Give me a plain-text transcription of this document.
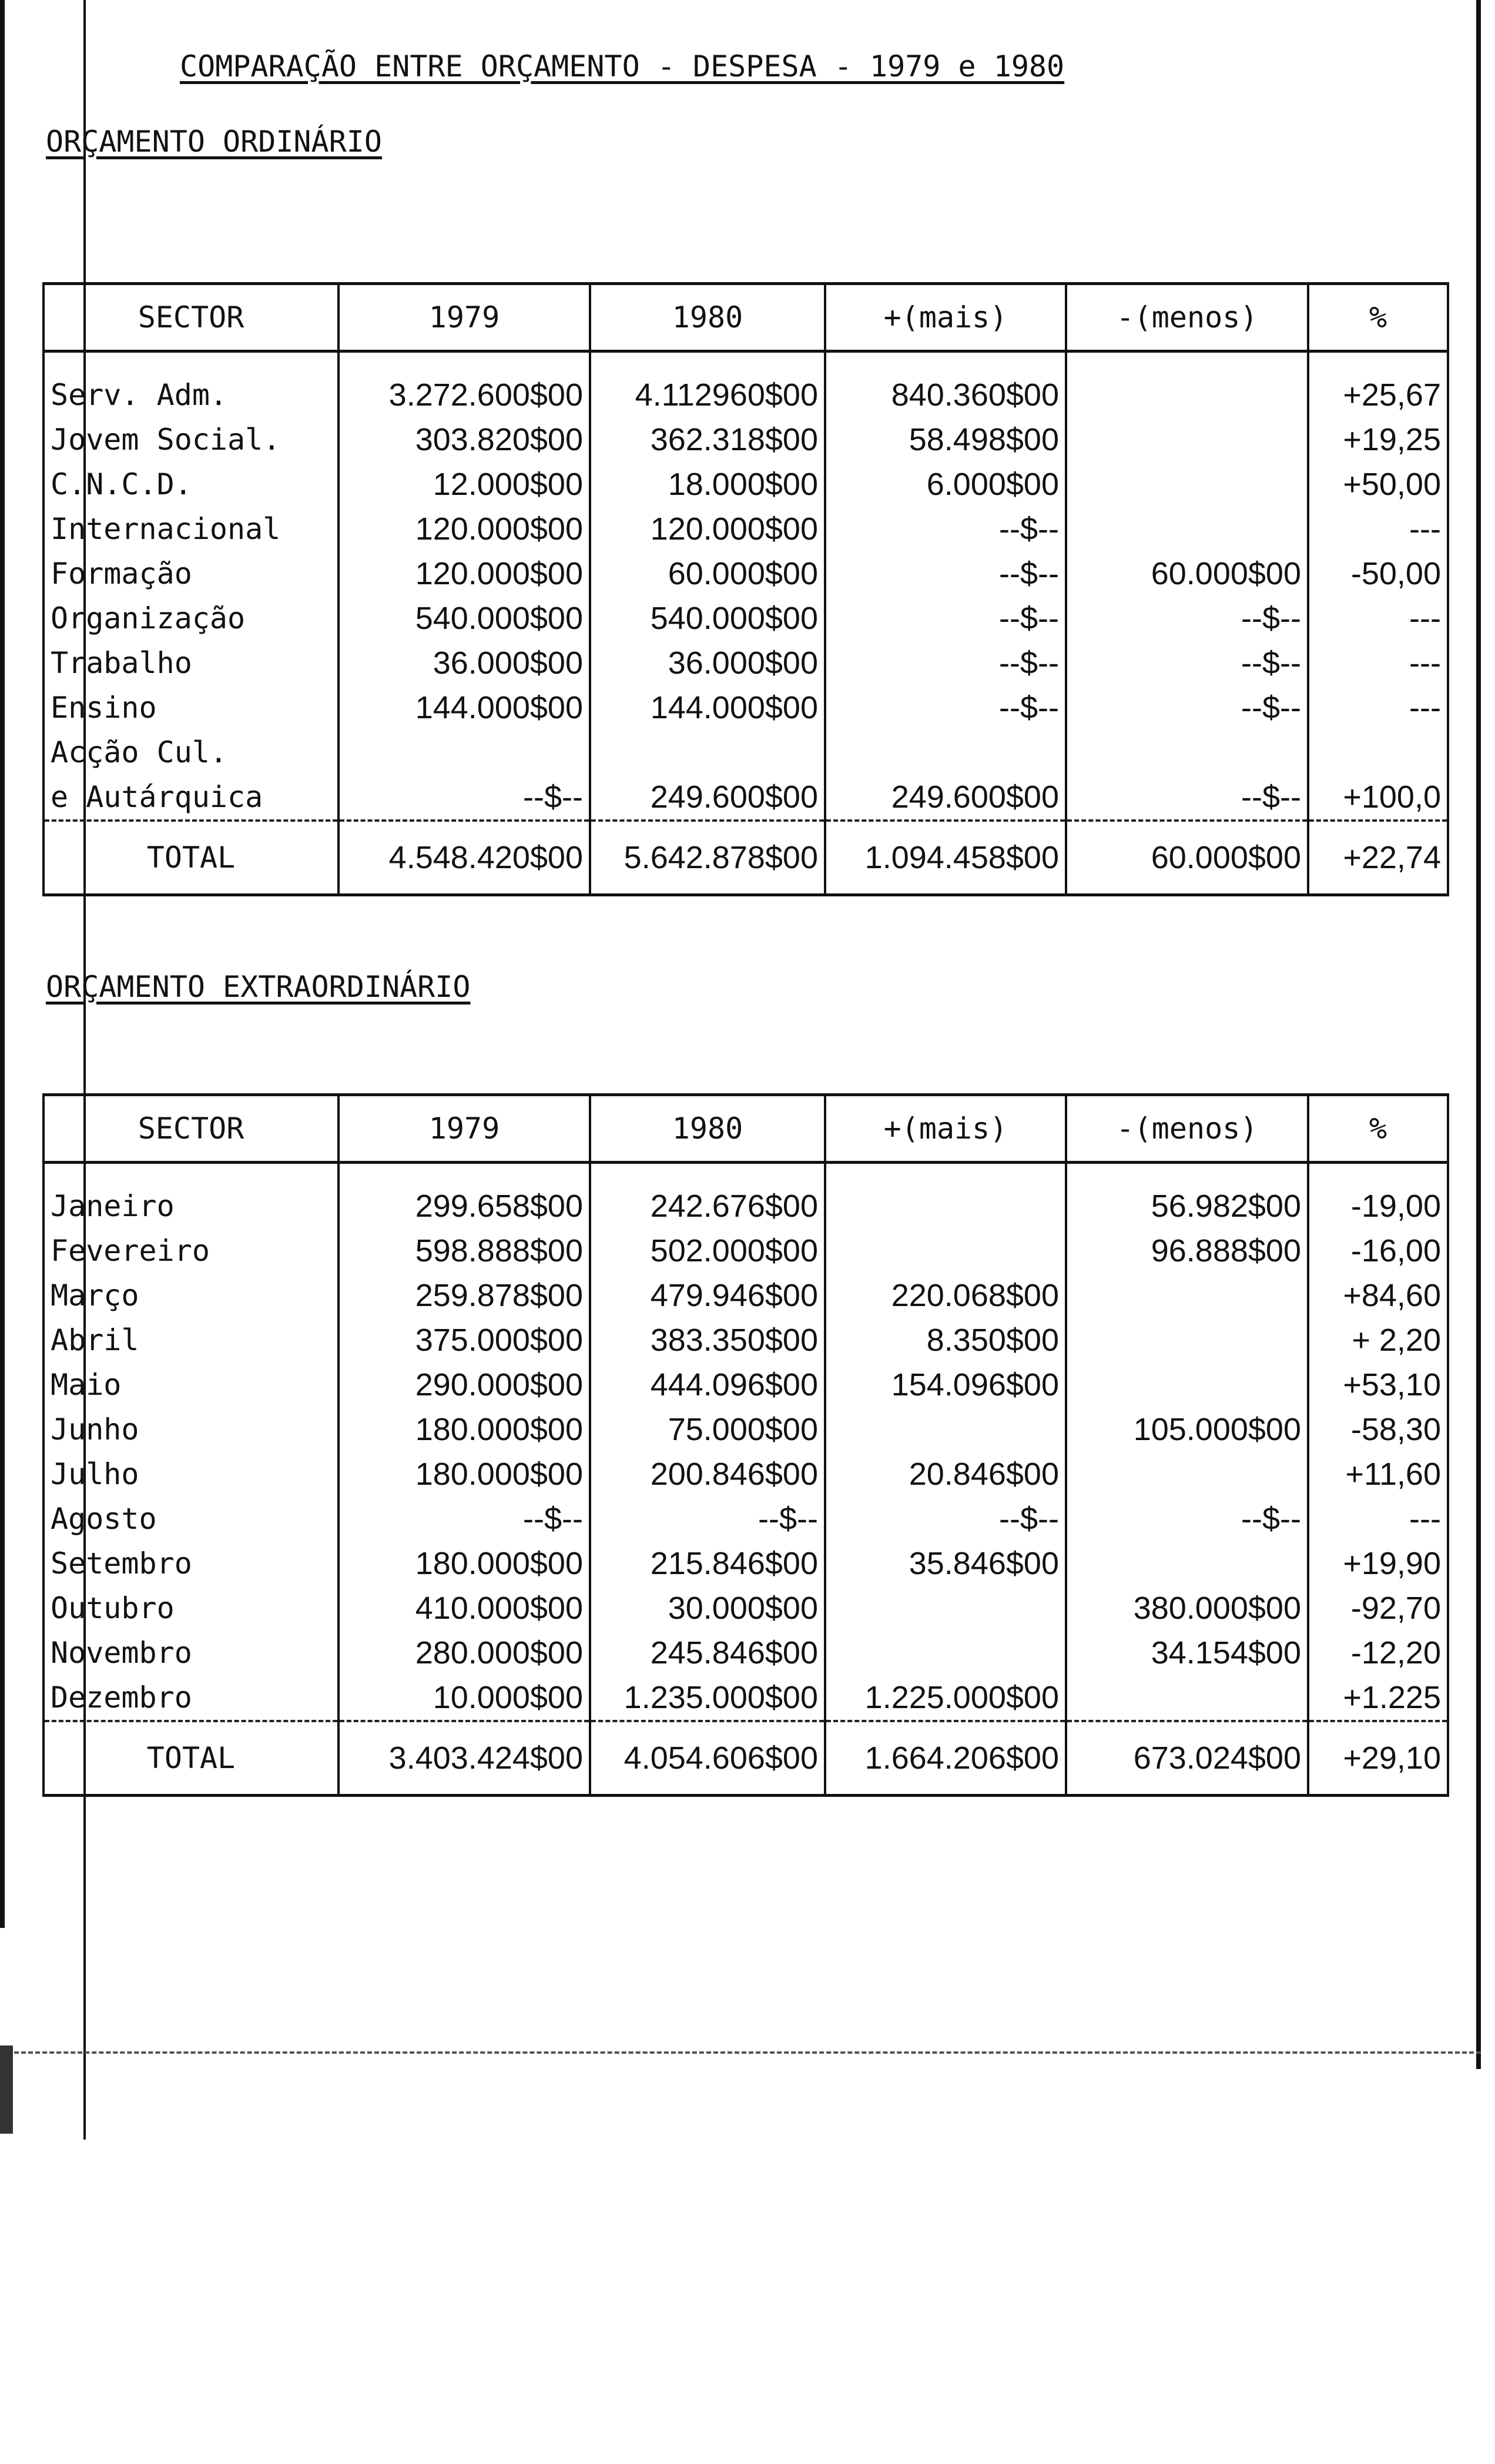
COMPARAÇÃO ENTRE ORÇAMENTO - DESPESA - 1979 e 1980
ORÇAMENTO ORDINÁRIO
SECTOR	1979	1980	+(mais)	-(menos)	%

Serv. Adm.	3.272.600$00	4.112960$00	840.360$00		+25,67
Jovem Social.	303.820$00	362.318$00	58.498$00		+19,25
C.N.C.D.	12.000$00	18.000$00	6.000$00		+50,00
Internacional	120.000$00	120.000$00	--$--		---
Formação	120.000$00	60.000$00	--$--	60.000$00	-50,00
Organização	540.000$00	540.000$00	--$--	--$--	---
Trabalho	36.000$00	36.000$00	--$--	--$--	---
Ensino	144.000$00	144.000$00	--$--	--$--	---
Acção Cul.					
e Autárquica	--$--	249.600$00	249.600$00	--$--	+100,0
TOTAL	4.548.420$00	5.642.878$00	1.094.458$00	60.000$00	+22,74
ORÇAMENTO EXTRAORDINÁRIO
SECTOR	1979	1980	+(mais)	-(menos)	%

Janeiro	299.658$00	242.676$00		56.982$00	-19,00
Fevereiro	598.888$00	502.000$00		96.888$00	-16,00
Março	259.878$00	479.946$00	220.068$00		+84,60
Abril	375.000$00	383.350$00	8.350$00		+ 2,20
Maio	290.000$00	444.096$00	154.096$00		+53,10
Junho	180.000$00	75.000$00		105.000$00	-58,30
Julho	180.000$00	200.846$00	20.846$00		+11,60
Agosto	--$--	--$--	--$--	--$--	---
Setembro	180.000$00	215.846$00	35.846$00		+19,90
Outubro	410.000$00	30.000$00		380.000$00	-92,70
Novembro	280.000$00	245.846$00		34.154$00	-12,20
Dezembro	10.000$00	1.235.000$00	1.225.000$00		+1.225
TOTAL	3.403.424$00	4.054.606$00	1.664.206$00	673.024$00	+29,10
